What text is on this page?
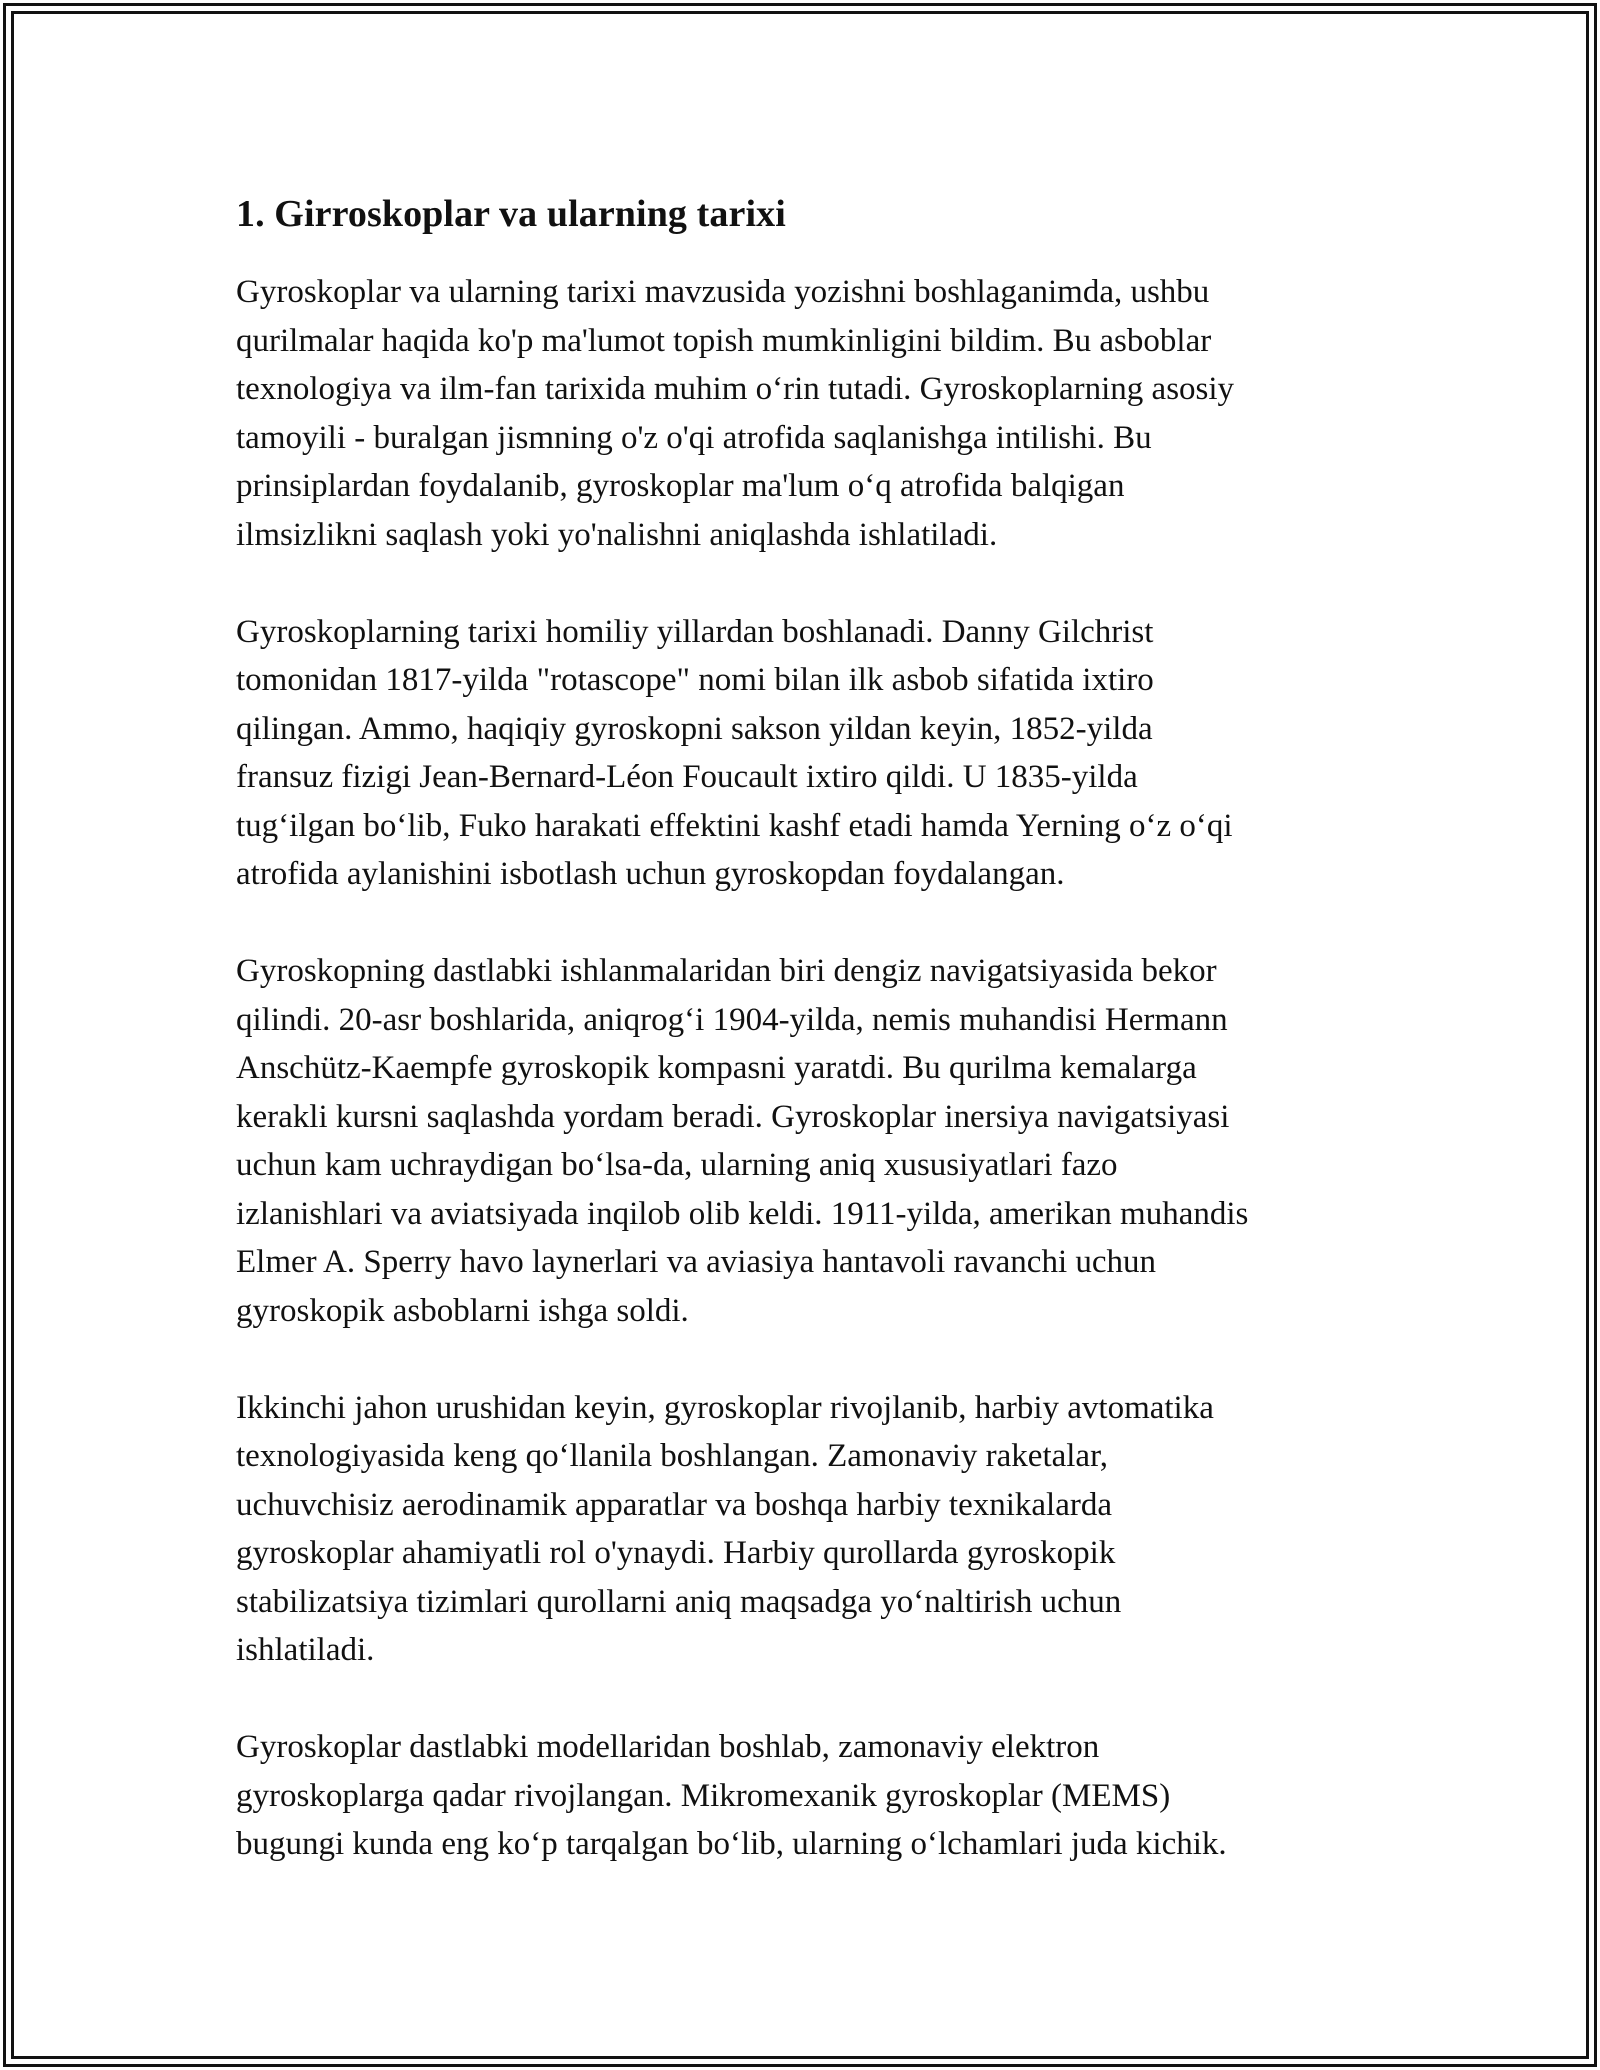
1. Girroskoplar va ularning tarixi

Gyroskoplar va ularning tarixi mavzusida yozishni boshlaganimda, ushbu
qurilmalar haqida ko'p ma'lumot topish mumkinligini bildim. Bu asboblar
texnologiya va ilm-fan tarixida muhim o‘rin tutadi. Gyroskoplarning asosiy
tamoyili - buralgan jismning o'z o'qi atrofida saqlanishga intilishi. Bu
prinsiplardan foydalanib, gyroskoplar ma'lum o‘q atrofida balqigan
ilmsizlikni saqlash yoki yo'nalishni aniqlashda ishlatiladi.

Gyroskoplarning tarixi homiliy yillardan boshlanadi. Danny Gilchrist
tomonidan 1817-yilda "rotascope" nomi bilan ilk asbob sifatida ixtiro
qilingan. Ammo, haqiqiy gyroskopni sakson yildan keyin, 1852-yilda
fransuz fizigi Jean-Bernard-Léon Foucault ixtiro qildi. U 1835-yilda
tug‘ilgan bo‘lib, Fuko harakati effektini kashf etadi hamda Yerning o‘z o‘qi
atrofida aylanishini isbotlash uchun gyroskopdan foydalangan.

Gyroskopning dastlabki ishlanmalaridan biri dengiz navigatsiyasida bekor
qilindi. 20-asr boshlarida, aniqrog‘i 1904-yilda, nemis muhandisi Hermann
Anschütz-Kaempfe gyroskopik kompasni yaratdi. Bu qurilma kemalarga
kerakli kursni saqlashda yordam beradi. Gyroskoplar inersiya navigatsiyasi
uchun kam uchraydigan bo‘lsa-da, ularning aniq xususiyatlari fazo
izlanishlari va aviatsiyada inqilob olib keldi. 1911-yilda, amerikan muhandis
Elmer A. Sperry havo laynerlari va aviasiya hantavoli ravanchi uchun
gyroskopik asboblarni ishga soldi.

Ikkinchi jahon urushidan keyin, gyroskoplar rivojlanib, harbiy avtomatika
texnologiyasida keng qo‘llanila boshlangan. Zamonaviy raketalar,
uchuvchisiz aerodinamik apparatlar va boshqa harbiy texnikalarda
gyroskoplar ahamiyatli rol o'ynaydi. Harbiy qurollarda gyroskopik
stabilizatsiya tizimlari qurollarni aniq maqsadga yo‘naltirish uchun
ishlatiladi.

Gyroskoplar dastlabki modellaridan boshlab, zamonaviy elektron
gyroskoplarga qadar rivojlangan. Mikromexanik gyroskoplar (MEMS)
bugungi kunda eng ko‘p tarqalgan bo‘lib, ularning o‘lchamlari juda kichik.
